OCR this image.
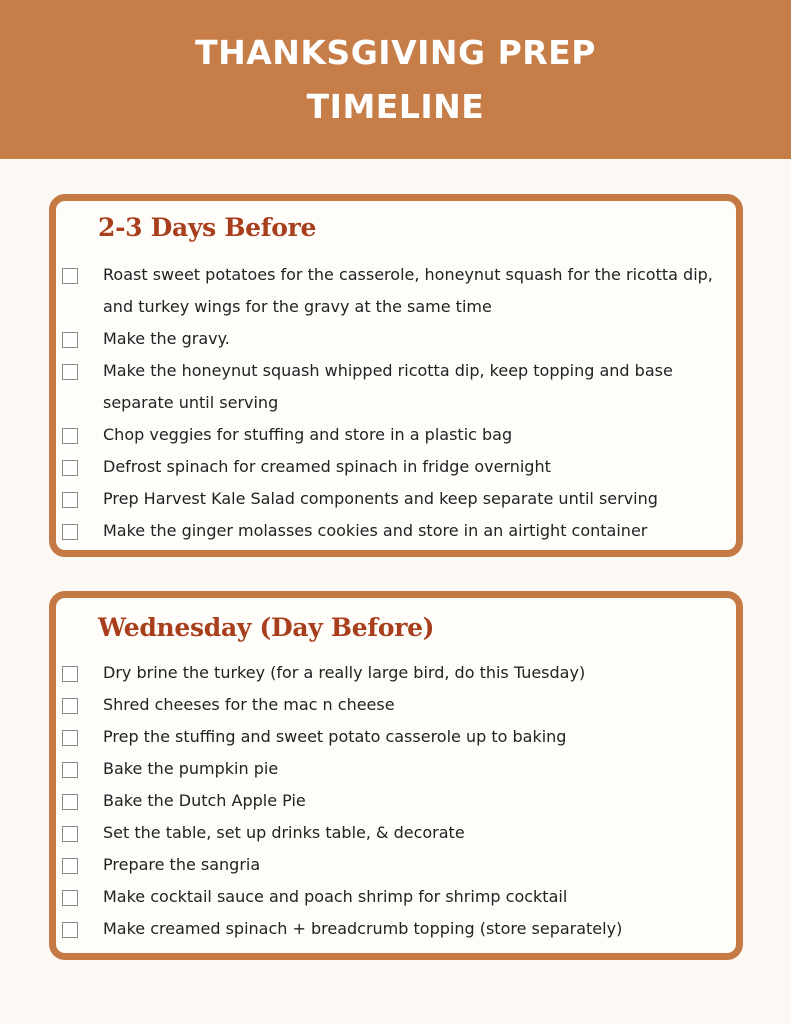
THANKSGIVING PREP
TIMELINE
2-3 Days Before
Roast sweet potatoes for the casserole, honeynut squash for the ricotta dip, and turkey wings for the gravy at the same time
Make the gravy.
Make the honeynut squash whipped ricotta dip, keep topping and base separate until serving
Chop veggies for stuffing and store in a plastic bag
Defrost spinach for creamed spinach in fridge overnight
Prep Harvest Kale Salad components and keep separate until serving
Make the ginger molasses cookies and store in an airtight container
Wednesday (Day Before)
Dry brine the turkey (for a really large bird, do this Tuesday)
Shred cheeses for the mac n cheese
Prep the stuffing and sweet potato casserole up to baking
Bake the pumpkin pie
Bake the Dutch Apple Pie
Set the table, set up drinks table, & decorate
Prepare the sangria
Make cocktail sauce and poach shrimp for shrimp cocktail
Make creamed spinach + breadcrumb topping (store separately)
